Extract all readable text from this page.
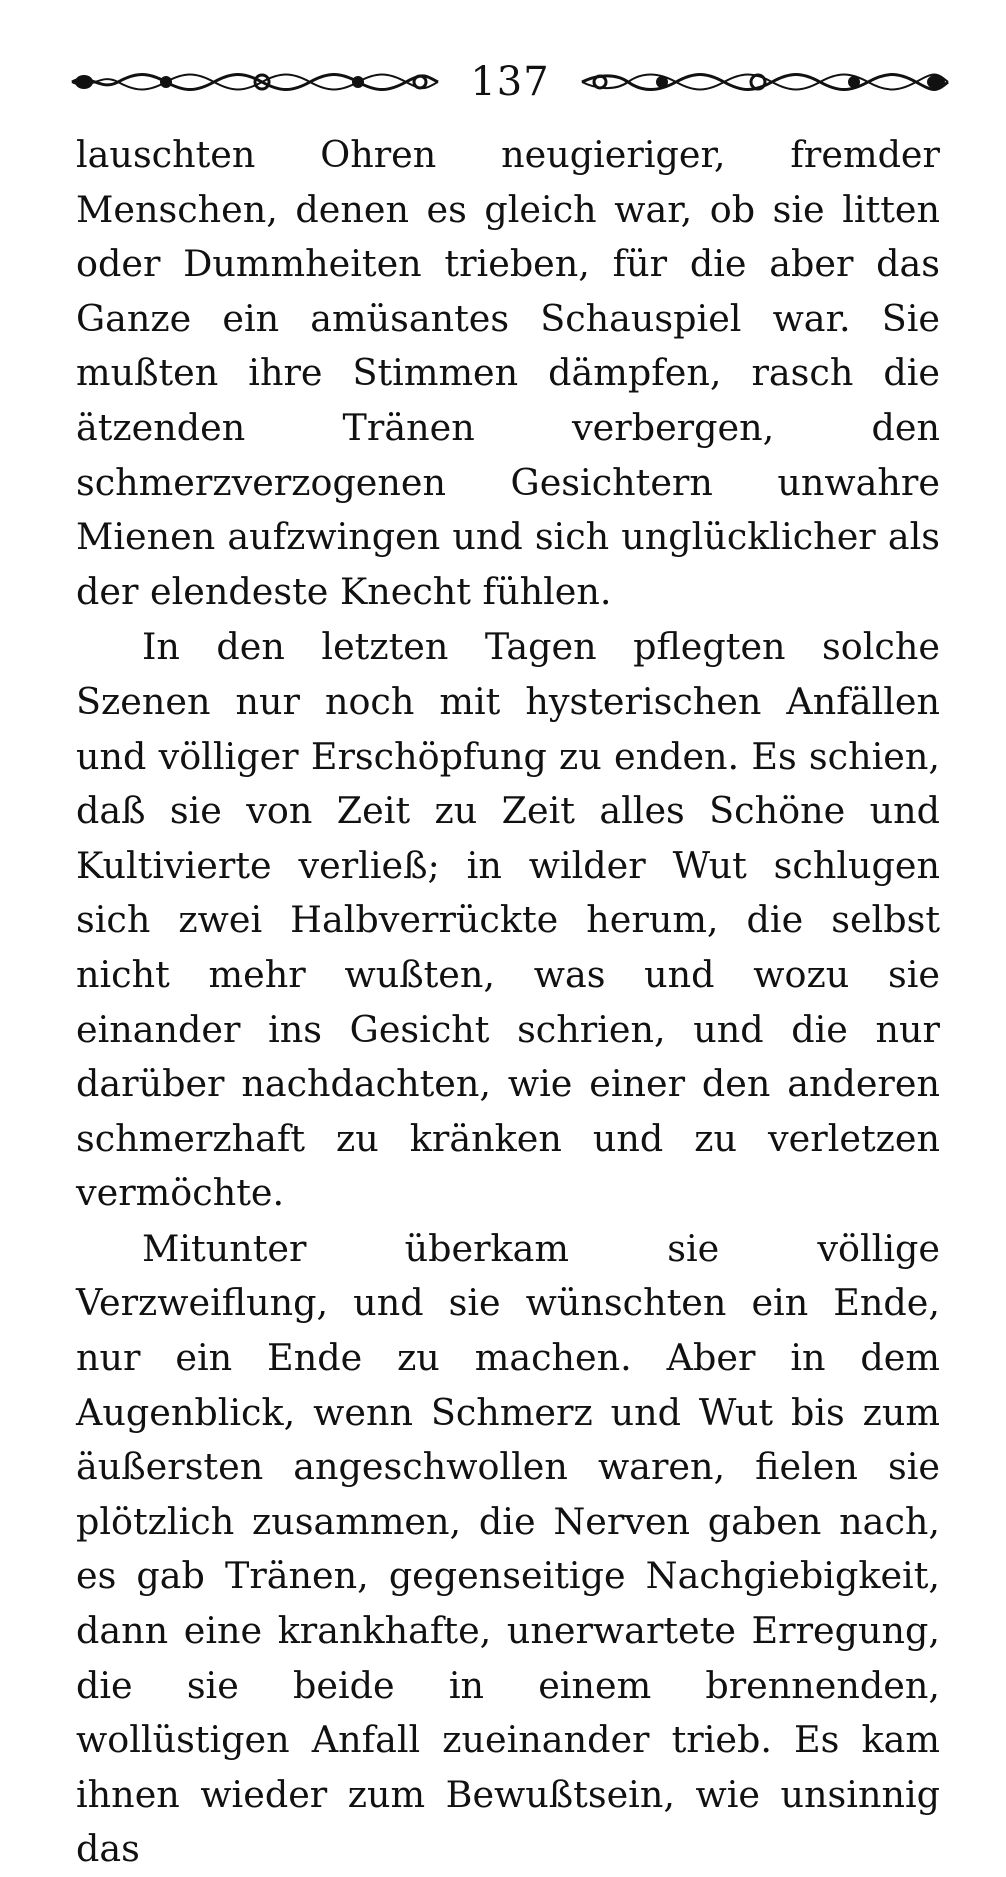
137

lauschten Ohren neugieriger, fremder Menschen, denen es gleich war, ob sie litten oder Dummheiten trieben, für die aber das Ganze ein amüsantes Schauspiel war. Sie mußten ihre Stimmen dämpfen, rasch die ätzenden Tränen verbergen, den schmerzverzogenen Gesichtern unwahre Mienen aufzwingen und sich unglücklicher als der elendeste Knecht fühlen.

In den letzten Tagen pflegten solche Szenen nur noch mit hysterischen Anfällen und völliger Erschöpfung zu enden. Es schien, daß sie von Zeit zu Zeit alles Schöne und Kultivierte verließ; in wilder Wut schlugen sich zwei Halbverrückte herum, die selbst nicht mehr wußten, was und wozu sie einander ins Gesicht schrien, und die nur darüber nachdachten, wie einer den anderen schmerzhaft zu kränken und zu verletzen vermöchte.

Mitunter überkam sie völlige Verzweiflung, und sie wünschten ein Ende, nur ein Ende zu machen. Aber in dem Augenblick, wenn Schmerz und Wut bis zum äußersten angeschwollen waren, fielen sie plötzlich zusammen, die Nerven gaben nach, es gab Tränen, gegenseitige Nachgiebigkeit, dann eine krankhafte, unerwartete Erregung, die sie beide in einem brennenden, wollüstigen Anfall zueinander trieb. Es kam ihnen wieder zum Bewußtsein, wie unsinnig das
